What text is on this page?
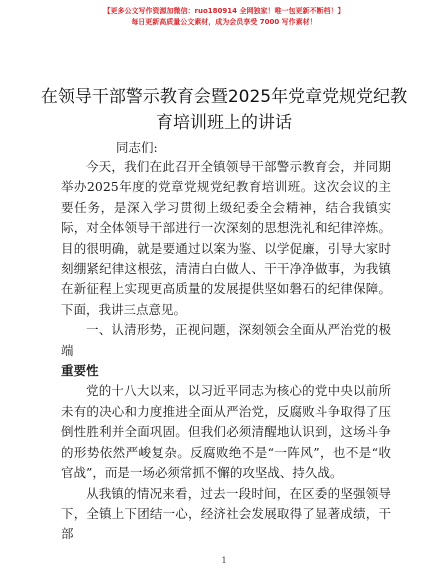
【更多公文写作资源加微信：ruo180914 全网独家！唯一包更新不断档！】
每日更新高质量公文素材，成为会员享受 7000 写作素材！
在领导干部警示教育会暨2025年党章党规党纪教育培训班上的讲话
同志们:

今天，我们在此召开全镇领导干部警示教育会，并同期举办2025年度的党章党规党纪教育培训班。这次会议的主要任务，是深入学习贯彻上级纪委全会精神，结合我镇实际，对全体领导干部进行一次深刻的思想洗礼和纪律淬炼。目的很明确，就是要通过以案为鉴、以学促廉，引导大家时刻绷紧纪律这根弦，清清白白做人、干干净净做事，为我镇在新征程上实现更高质量的发展提供坚如磐石的纪律保障。下面，我讲三点意见。

一、认清形势，正视问题，深刻领会全面从严治党的极端

重要性

党的十八大以来，以习近平同志为核心的党中央以前所未有的决心和力度推进全面从严治党，反腐败斗争取得了压倒性胜利并全面巩固。但我们必须清醒地认识到，这场斗争的形势依然严峻复杂。反腐败绝不是“一阵风”，也不是“收官战”，而是一场必须常抓不懈的攻坚战、持久战。

从我镇的情况来看，过去一段时间，在区委的坚强领导下，全镇上下团结一心，经济社会发展取得了显著成绩，干部

1
